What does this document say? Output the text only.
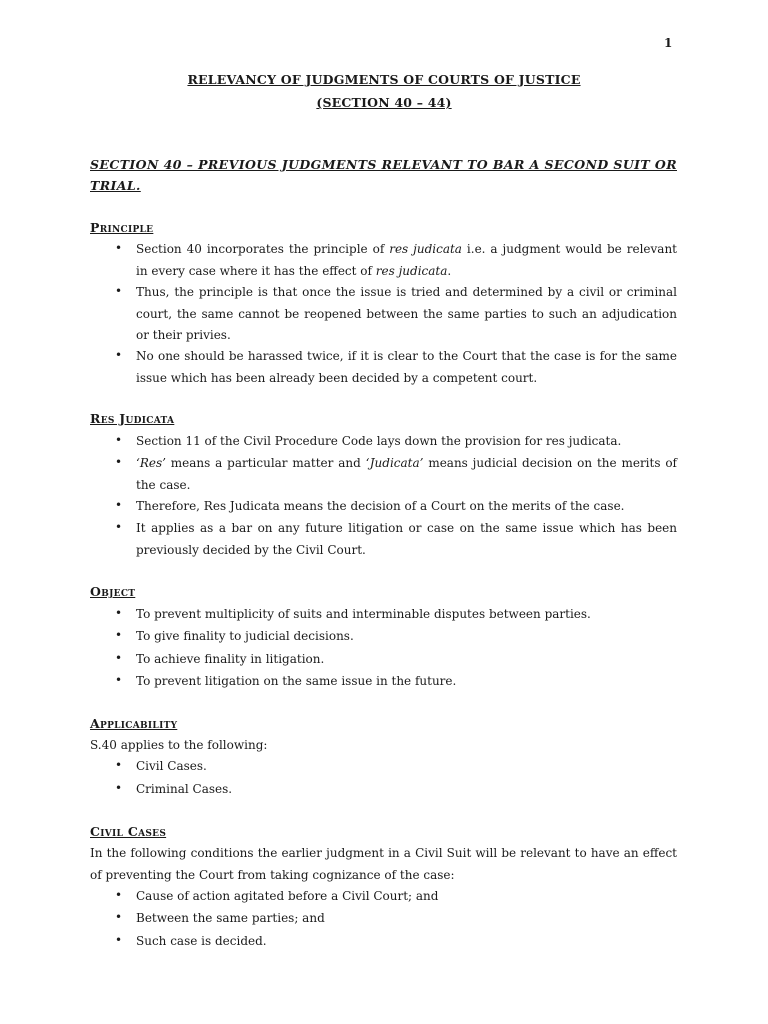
1
RELEVANCY OF JUDGMENTS OF COURTS OF JUSTICE
(SECTION 40 – 44)
SECTION 40 – PREVIOUS JUDGMENTS RELEVANT TO BAR A SECOND SUIT OR TRIAL.
Principle
• Section 40 incorporates the principle of res judicata i.e. a judgment would be relevant in every case where it has the effect of res judicata.
• Thus, the principle is that once the issue is tried and determined by a civil or criminal court, the same cannot be reopened between the same parties to such an adjudication or their privies.
• No one should be harassed twice, if it is clear to the Court that the case is for the same issue which has been already been decided by a competent court.
Res Judicata
• Section 11 of the Civil Procedure Code lays down the provision for res judicata.
• ‘Res’ means a particular matter and ‘Judicata’ means judicial decision on the merits of the case.
• Therefore, Res Judicata means the decision of a Court on the merits of the case.
• It applies as a bar on any future litigation or case on the same issue which has been previously decided by the Civil Court.
Object
• To prevent multiplicity of suits and interminable disputes between parties.
• To give finality to judicial decisions.
• To achieve finality in litigation.
• To prevent litigation on the same issue in the future.
Applicability
S.40 applies to the following:
• Civil Cases.
• Criminal Cases.
Civil Cases
In the following conditions the earlier judgment in a Civil Suit will be relevant to have an effect of preventing the Court from taking cognizance of the case:
• Cause of action agitated before a Civil Court; and
• Between the same parties; and
• Such case is decided.
